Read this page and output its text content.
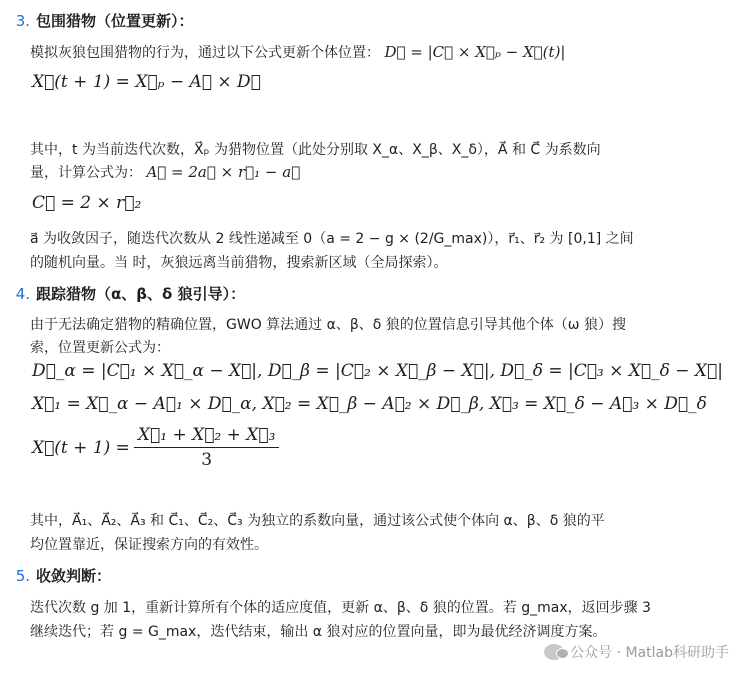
3. 包围猎物（位置更新）：
模拟灰狼包围猎物的行为，通过以下公式更新个体位置： D⃗ = |C⃗ × X⃗ₚ − X⃗(t)|
X⃗(t + 1) = X⃗ₚ − A⃗ × D⃗
其中，t 为当前迭代次数，X⃗ₚ 为猎物位置（此处分别取 X_α、X_β、X_δ），A⃗ 和 C⃗ 为系数向
量，计算公式为： A⃗ = 2a⃗ × r⃗₁ − a⃗
C⃗ = 2 × r⃗₂
a⃗ 为收敛因子，随迭代次数从 2 线性递减至 0（a = 2 − g × (2/G_max)），r⃗₁、r⃗₂ 为 [0,1] 之间
的随机向量。当 时，灰狼远离当前猎物，搜索新区域（全局探索）。
4. 跟踪猎物（α、β、δ 狼引导）：
由于无法确定猎物的精确位置，GWO 算法通过 α、β、δ 狼的位置信息引导其他个体（ω 狼）搜
索，位置更新公式为：
D⃗_α = |C⃗₁ × X⃗_α − X⃗|, D⃗_β = |C⃗₂ × X⃗_β − X⃗|, D⃗_δ = |C⃗₃ × X⃗_δ − X⃗|
X⃗₁ = X⃗_α − A⃗₁ × D⃗_α, X⃗₂ = X⃗_β − A⃗₂ × D⃗_β, X⃗₃ = X⃗_δ − A⃗₃ × D⃗_δ
X⃗(t + $1) = \frac{\text{X⃗₁ + X⃗₂ + X⃗₃}}{3}$
其中，A⃗₁、A⃗₂、A⃗₃ 和 C⃗₁、C⃗₂、C⃗₃ 为独立的系数向量，通过该公式使个体向 α、β、δ 狼的平
均位置靠近，保证搜索方向的有效性。
5. 收敛判断：
迭代次数 g 加 1，重新计算所有个体的适应度值，更新 α、β、δ 狼的位置。若 g_max，返回步骤 3
继续迭代；若 g = G_max，迭代结束，输出 α 狼对应的位置向量，即为最优经济调度方案。
公众号 · Matlab科研助手
